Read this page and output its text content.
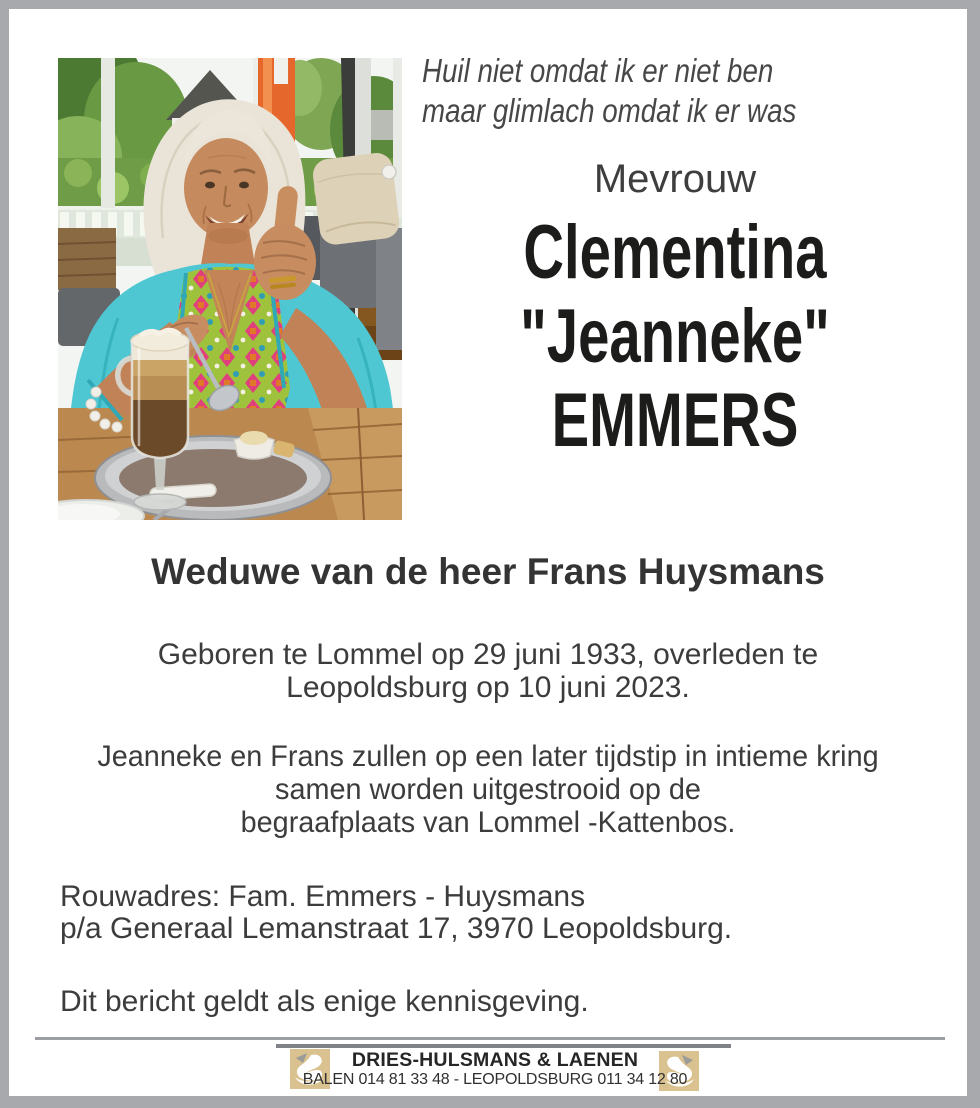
Huil niet omdat ik er niet ben
maar glimlach omdat ik er was
Mevrouw
Clementina
"Jeanneke"
EMMERS
Weduwe van de heer Frans Huysmans
Geboren te Lommel op 29 juni 1933, overleden te
Leopoldsburg op 10 juni 2023.
Jeanneke en Frans zullen op een later tijdstip in intieme kring
samen worden uitgestrooid op de
begraafplaats van Lommel -Kattenbos.
Rouwadres: Fam. Emmers - Huysmans
p/a Generaal Lemanstraat 17, 3970 Leopoldsburg.
Dit bericht geldt als enige kennisgeving.
DRIES-HULSMANS & LAENEN
BALEN 014 81 33 48 - LEOPOLDSBURG 011 34 12 80
